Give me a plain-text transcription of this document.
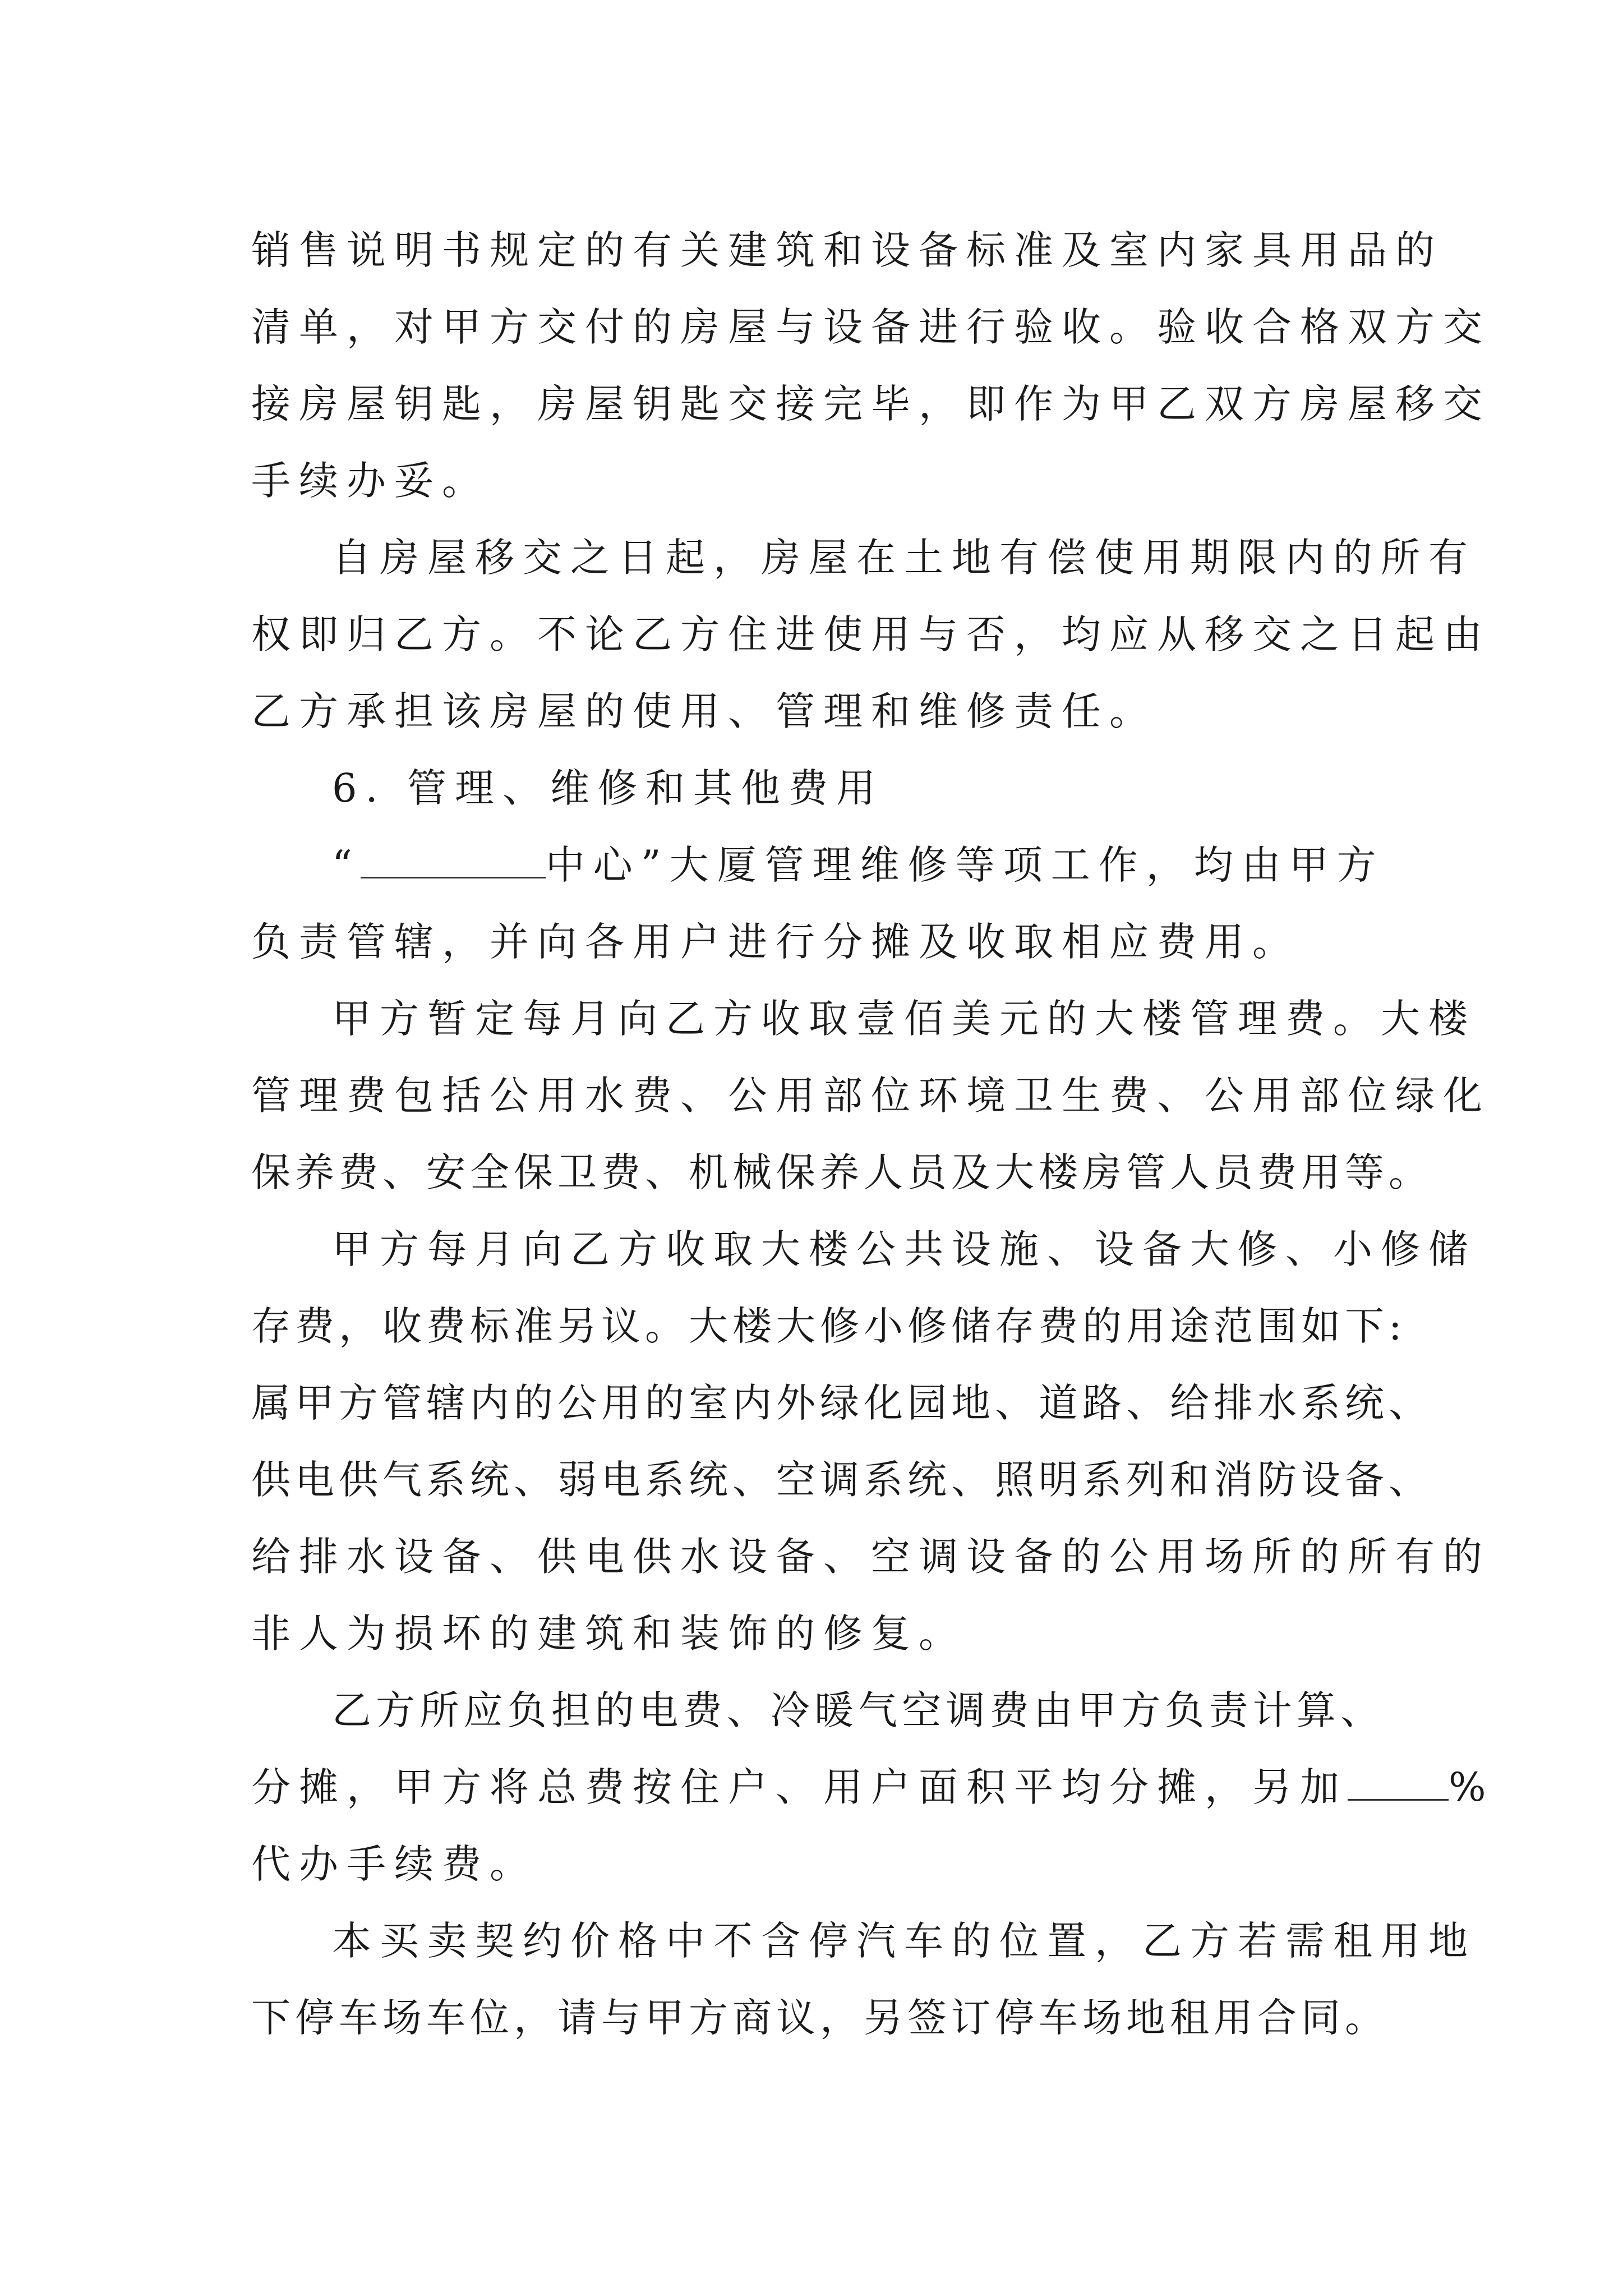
销售说明书规定的有关建筑和设备标准及室内家具用品的
清单，对甲方交付的房屋与设备进行验收。验收合格双方交
接房屋钥匙，房屋钥匙交接完毕，即作为甲乙双方房屋移交
手续办妥。
自房屋移交之日起，房屋在土地有偿使用期限内的所有
权即归乙方。不论乙方住进使用与否，均应从移交之日起由
乙方承担该房屋的使用、管理和维修责任。
6. 管理、维修和其他费用
“	中心”大厦管理维修等项工作，均由甲方
负责管辖，并向各用户进行分摊及收取相应费用。
甲方暂定每月向乙方收取壹佰美元的大楼管理费。大楼
管理费包括公用水费、公用部位环境卫生费、公用部位绿化
保养费、安全保卫费、机械保养人员及大楼房管人员费用等。
甲方每月向乙方收取大楼公共设施、设备大修、小修储
存费，收费标准另议。大楼大修小修储存费的用途范围如下:
属甲方管辖内的公用的室内外绿化园地、道路、给排水系统、
供电供气系统、弱电系统、空调系统、照明系列和消防设备、
给排水设备、供电供水设备、空调设备的公用场所的所有的
非人为损坏的建筑和装饰的修复。
乙方所应负担的电费、冷暖气空调费由甲方负责计算、
分摊，甲方将总费按住户、用户面积平均分摊，另加	%
代办手续费。
本买卖契约价格中不含停汽车的位置，乙方若需租用地
下停车场车位，请与甲方商议，另签订停车场地租用合同。
